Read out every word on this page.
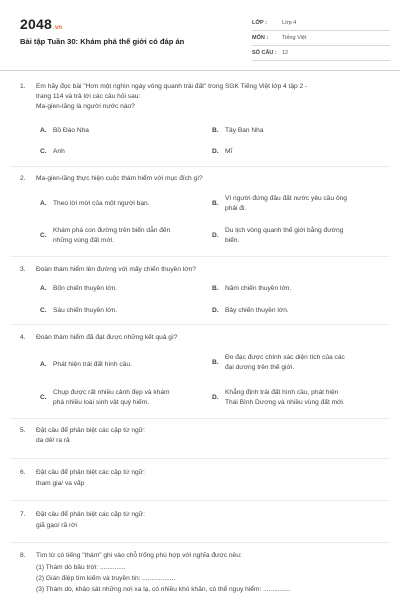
2048.vn
Bài tập Tuần 30: Khám phá thế giới có đáp án
LỚP :	Lớp 4
MÔN :	Tiếng Việt
SỐ CÂU : 12
1.	Em hãy đọc bài "Hơn một nghìn ngày vòng quanh trái đất" trong SGK Tiếng Việt lớp 4 tập 2 -
trang 114 và trả lời các câu hỏi sau:
Ma-gien-lăng là người nước nào?
A. Bồ Đào Nha	B. Tây Ban Nha
C. Anh	D. Mĩ
2.	Ma-gien-lăng thực hiện cuộc thám hiểm với mục đích gì?
A. Theo lời mời của một người bạn.	B.
Vì người đứng đầu đất nước yêu cầu ông
phải đi.
C.
Khám phá con đường trên biển dẫn đến
những vùng đất mới.
D.
Du lịch vòng quanh thế giới bằng đường
biển.
3.	Đoàn thám hiểm lên đường với mấy chiến thuyền lớn?
A. Bốn chiến thuyền lớn.	B. Năm chiến thuyền lớn.
C. Sáu chiến thuyền lớn.	D. Bảy chiến thuyền lớn.
4.	Đoàn thám hiểm đã đạt được những kết quả gì?
A. Phát hiện trái đất hình cầu.	B.
Đo đạc được chính xác diện tích của các
đại dương trên thế giới.
C.
Chụp được rất nhiều cảnh đẹp và khám
phá nhiều loài sinh vật quý hiếm.
D.
Khẳng định trái đất hình cầu, phát hiện
Thái Bình Dương và nhiều vùng đất mới.
5.	Đặt câu để phân biệt các cặp từ ngữ:
da dẻ/ ra rả
6.	Đặt câu để phân biệt các cặp từ ngữ:
tham gia/ va vấp
7.	Đặt câu để phân biệt các cặp từ ngữ:
giã gạo/ rã rời
8.	Tìm từ có tiếng "thám" ghi vào chỗ trống phù hợp với nghĩa được nêu:
(1) Thám dò bầu trời: ..............
(2) Gián điệp tìm kiếm và truyền tin: ..................
(3) Thám dò, khảo sát những nơi xa lạ, có nhiều khó khăn, có thể nguy hiểm: ...............
